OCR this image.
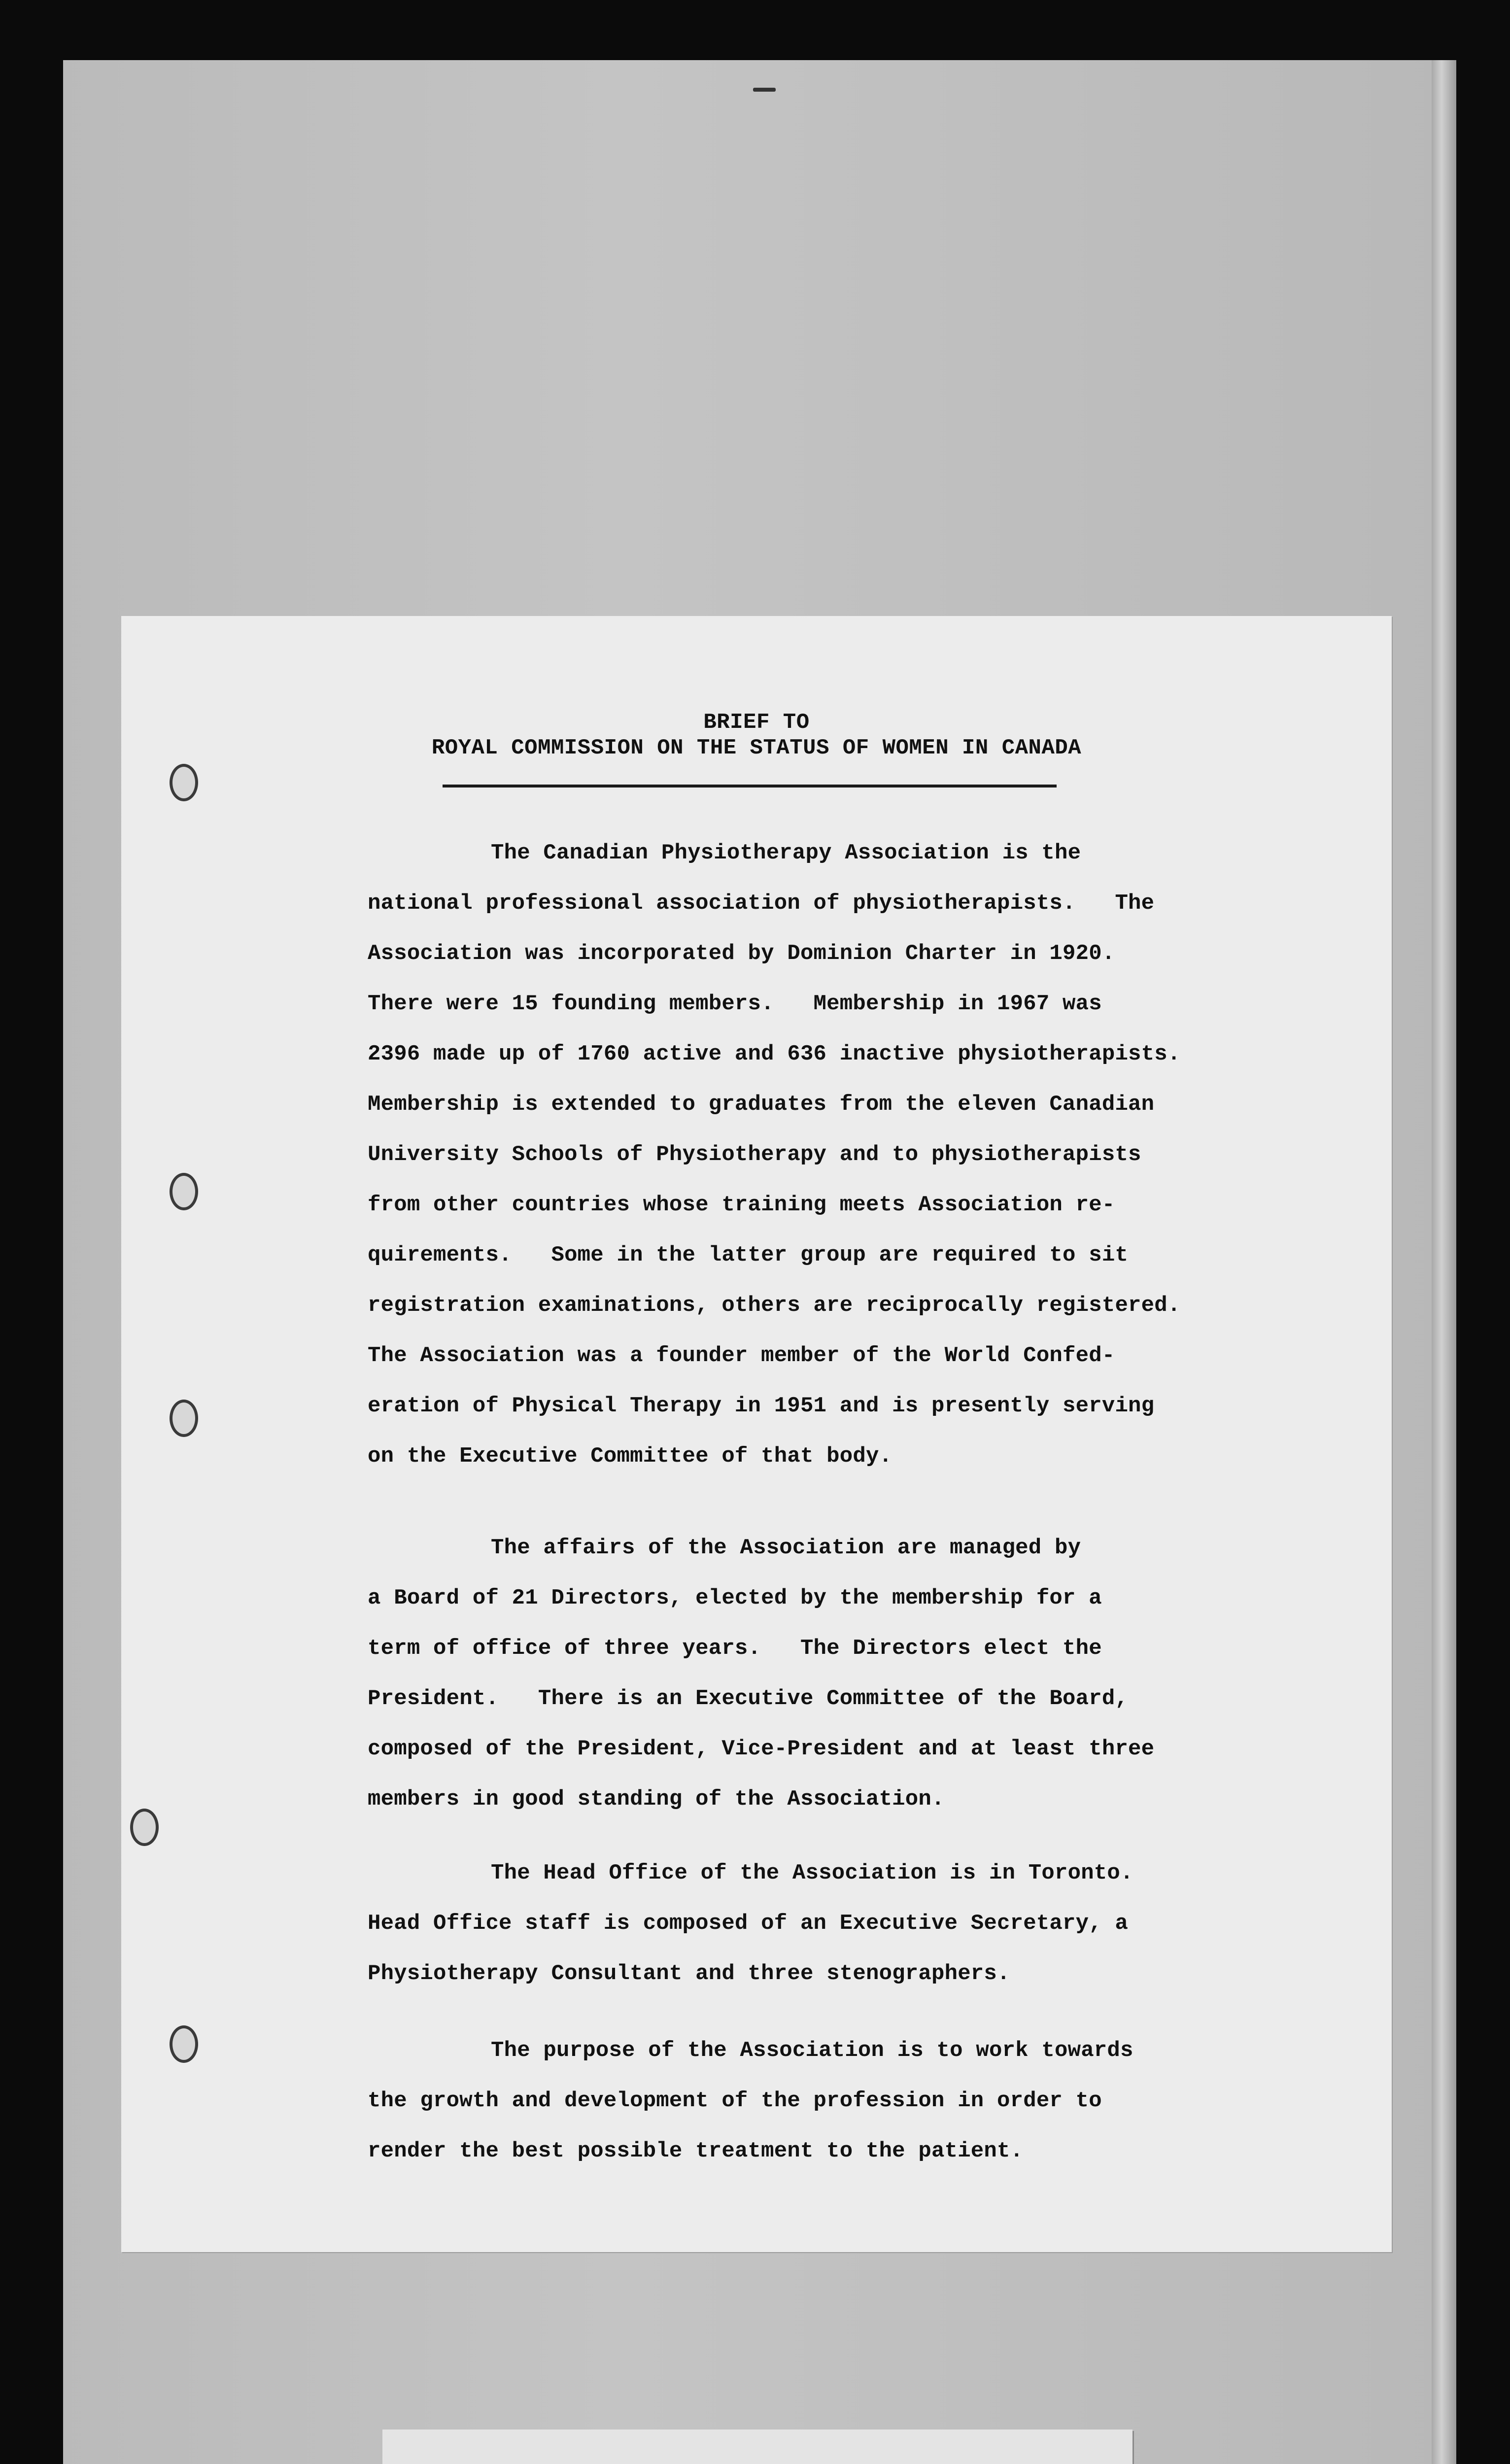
BRIEF TO
ROYAL COMMISSION ON THE STATUS OF WOMEN IN CANADA
The Canadian Physiotherapy Association is the
national professional association of physiotherapists.   The
Association was incorporated by Dominion Charter in 1920.
There were 15 founding members.   Membership in 1967 was
2396 made up of 1760 active and 636 inactive physiotherapists.
Membership is extended to graduates from the eleven Canadian
University Schools of Physiotherapy and to physiotherapists
from other countries whose training meets Association re-
quirements.   Some in the latter group are required to sit
registration examinations, others are reciprocally registered.
The Association was a founder member of the World Confed-
eration of Physical Therapy in 1951 and is presently serving
on the Executive Committee of that body.
The affairs of the Association are managed by
a Board of 21 Directors, elected by the membership for a
term of office of three years.   The Directors elect the
President.   There is an Executive Committee of the Board,
composed of the President, Vice-President and at least three
members in good standing of the Association.
The Head Office of the Association is in Toronto.
Head Office staff is composed of an Executive Secretary, a
Physiotherapy Consultant and three stenographers.
The purpose of the Association is to work towards
the growth and development of the profession in order to
render the best possible treatment to the patient.
